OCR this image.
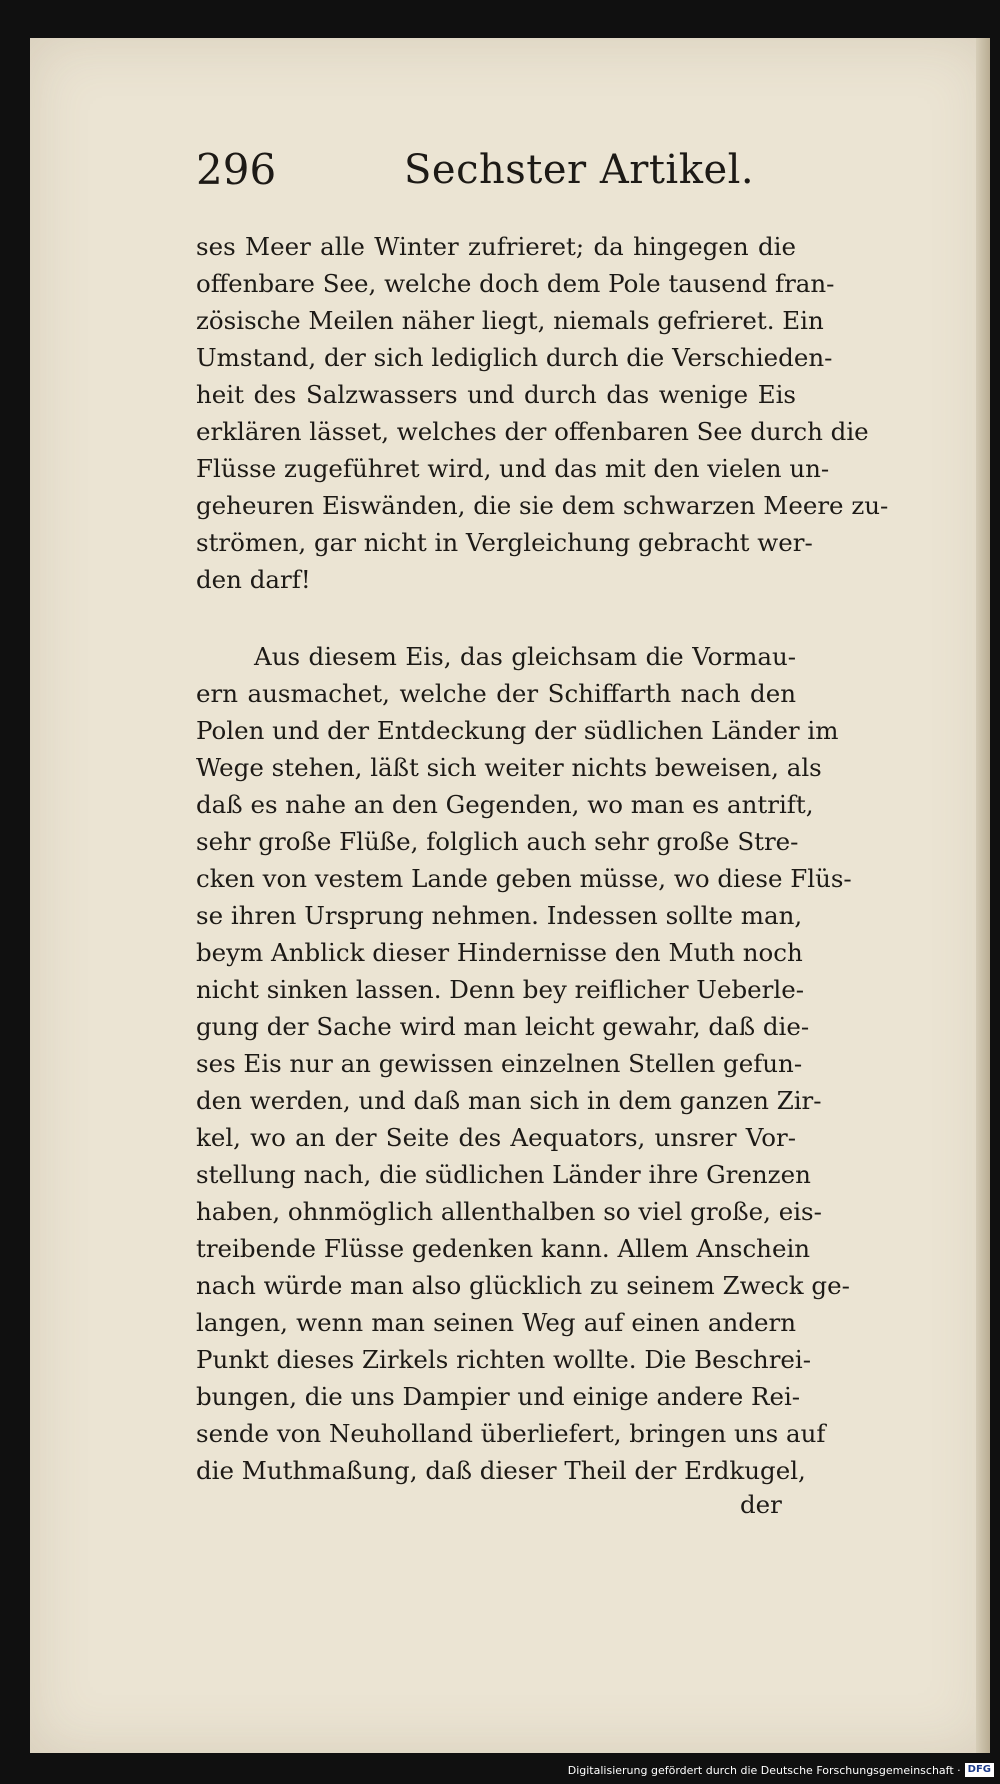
296	Sechster Artikel.
ses Meer alle Winter zufrieret; da hingegen die
offenbare See, welche doch dem Pole tausend fran-
zösische Meilen näher liegt, niemals gefrieret. Ein
Umstand, der sich lediglich durch die Verschieden-
heit des Salzwassers und durch das wenige Eis
erklären lässet, welches der offenbaren See durch die
Flüsse zugeführet wird, und das mit den vielen un-
geheuren Eiswänden, die sie dem schwarzen Meere zu-
strömen, gar nicht in Vergleichung gebracht wer-
den darf!
Aus diesem Eis, das gleichsam die Vormau-
ern ausmachet, welche der Schiffarth nach den
Polen und der Entdeckung der südlichen Länder im
Wege stehen, läßt sich weiter nichts beweisen, als
daß es nahe an den Gegenden, wo man es antrift,
sehr große Flüße, folglich auch sehr große Stre-
cken von vestem Lande geben müsse, wo diese Flüs-
se ihren Ursprung nehmen. Indessen sollte man,
beym Anblick dieser Hindernisse den Muth noch
nicht sinken lassen. Denn bey reiflicher Ueberle-
gung der Sache wird man leicht gewahr, daß die-
ses Eis nur an gewissen einzelnen Stellen gefun-
den werden, und daß man sich in dem ganzen Zir-
kel, wo an der Seite des Aequators, unsrer Vor-
stellung nach, die südlichen Länder ihre Grenzen
haben, ohnmöglich allenthalben so viel große, eis-
treibende Flüsse gedenken kann. Allem Anschein
nach würde man also glücklich zu seinem Zweck ge-
langen, wenn man seinen Weg auf einen andern
Punkt dieses Zirkels richten wollte. Die Beschrei-
bungen, die uns Dampier und einige andere Rei-
sende von Neuholland überliefert, bringen uns auf
die Muthmaßung, daß dieser Theil der Erdkugel,
der
Digitalisierung gefördert durch die Deutsche Forschungsgemeinschaft · DFG
